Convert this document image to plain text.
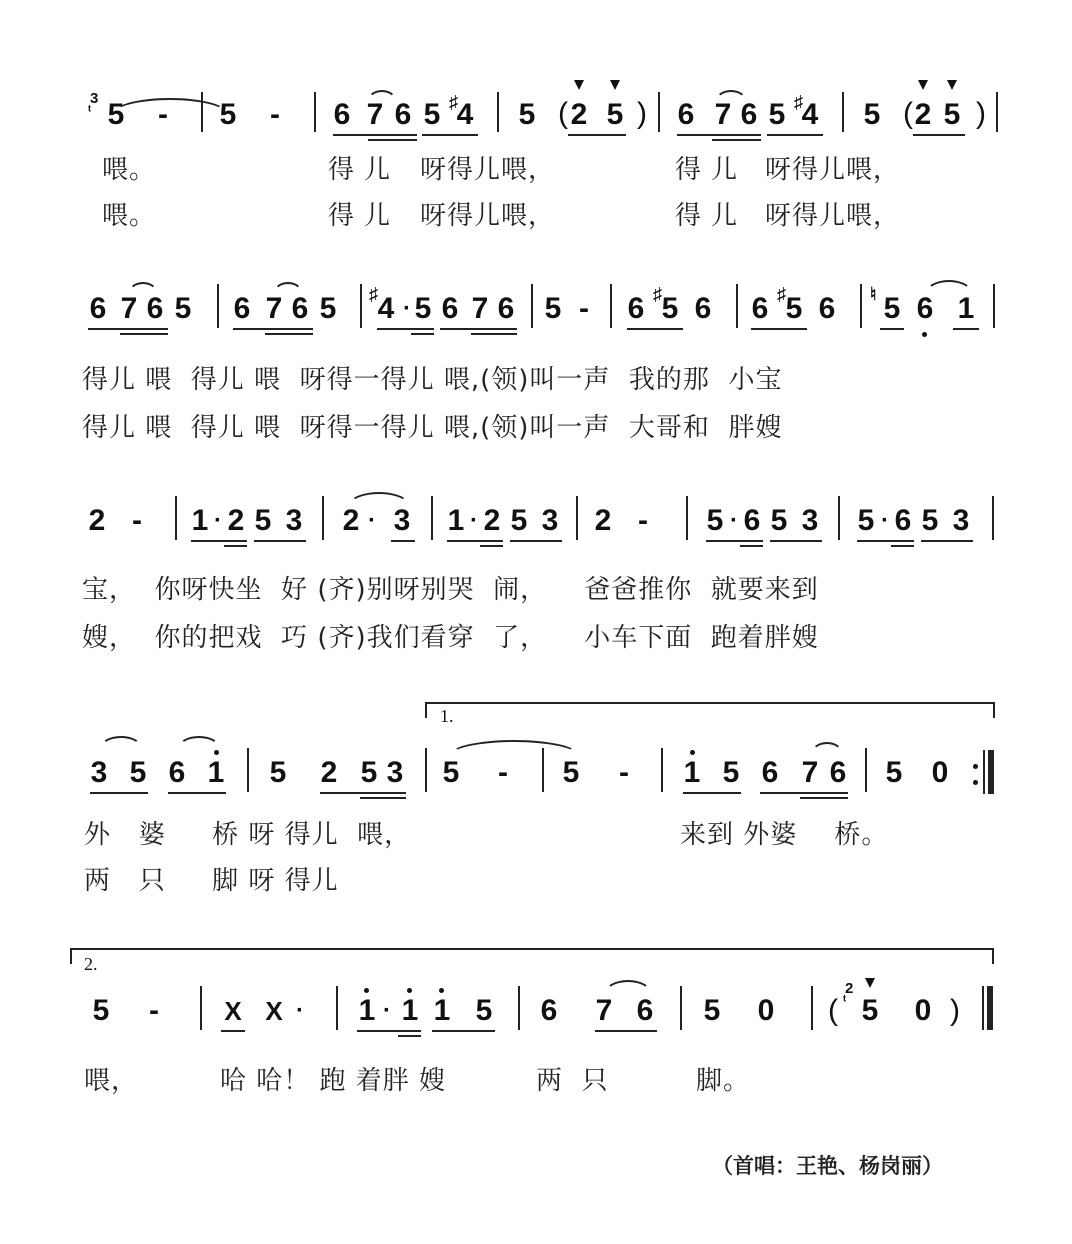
3
ᵗ 5 - 5 - 6 7 6 5 ♯
4 5 ( 2 5 ) 6 7 6 5 ♯
4 5 ( 2 5 )
喂。	得儿 呀得儿喂，	得儿 呀得儿喂，
喂。	得儿 呀得儿喂，	得儿 呀得儿喂，
6 7 6 5 6 7 6 5 ♯ 4 · 5 6 7 6 5 - 6 ♯ 5 6 6 ♯ 5 6 ♮ 5 6 1
得儿 喂  得儿 喂  呀得一得儿 喂,(领)叫一声  我的那  小宝
得儿 喂  得儿 喂  呀得一得儿 喂,(领)叫一声  大哥和  胖嫂
2 - 1 · 2 5 3 2 · 3 1 · 2 5 3 2 - 5 · 6 5 3 5 · 6 5 3
宝，  你呀快坐  好 (齐)别呀别哭  闹，    爸爸推你  就要来到
嫂，  你的把戏  巧 (齐)我们看穿  了，    小车下面  跑着胖嫂
1.
3 5 6 1 5 2 5 3 5 - 5 - 1 5 6 7 6 5 0
外   婆     桥 呀 得儿  喂，	来到 外婆    桥。
两   只     脚 呀 得儿
2.
5 -	X X · 1 · 1 1 5 6 7 6 5 0 (
2
ᵗ 5 0 )
喂，	哈 哈！ 跑 着胖 嫂	两  只	脚。
（首唱：王艳、杨岗丽）
